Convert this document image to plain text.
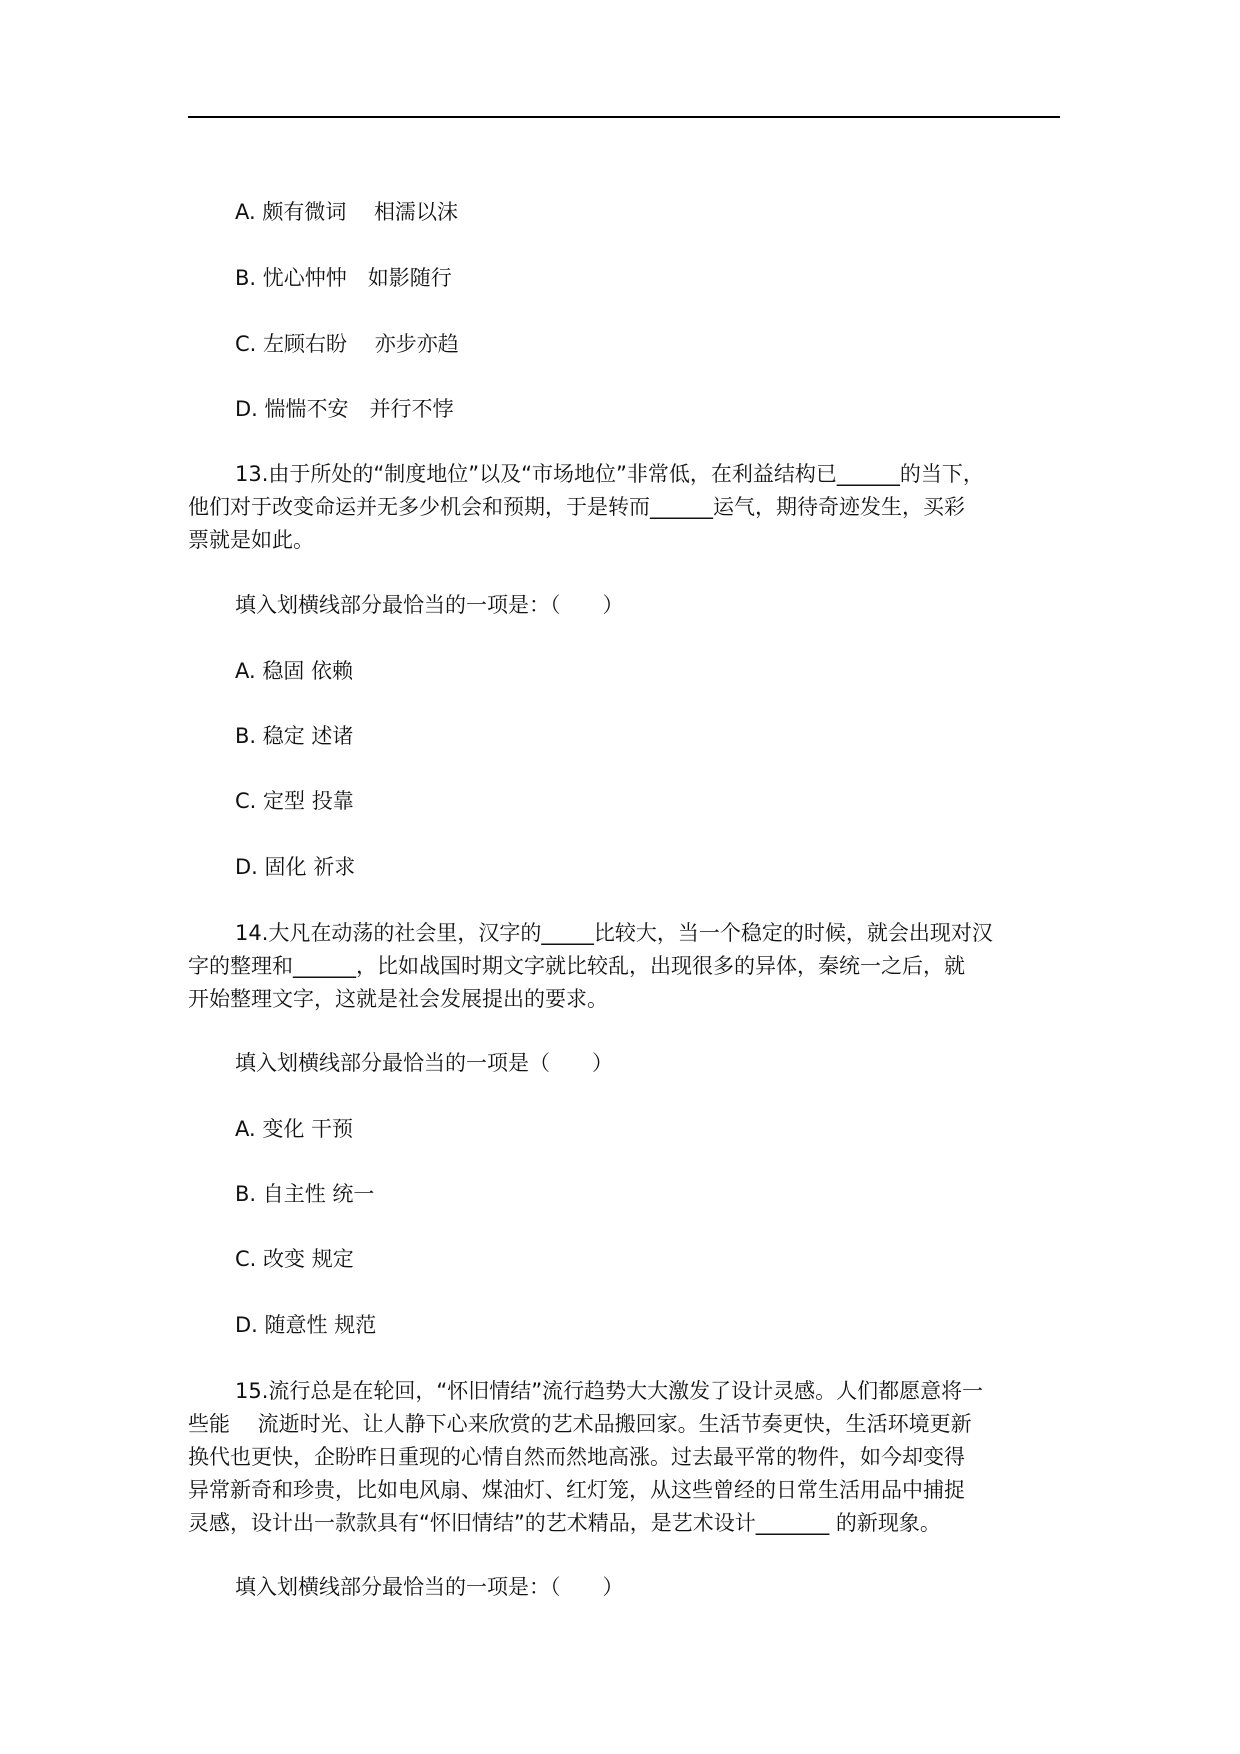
A. 颇有微词　 相濡以沫
B. 忧心忡忡　如影随行
C. 左顾右盼　 亦步亦趋
D. 惴惴不安　并行不悖
13.由于所处的“制度地位”以及“市场地位”非常低，在利益结构已______的当下，
他们对于改变命运并无多少机会和预期，于是转而______运气，期待奇迹发生，买彩
票就是如此。
填入划横线部分最恰当的一项是：（　　）
A. 稳固 依赖
B. 稳定 述诸
C. 定型 投靠
D. 固化 祈求
14.大凡在动荡的社会里，汉字的_____比较大，当一个稳定的时候，就会出现对汉
字的整理和______，比如战国时期文字就比较乱，出现很多的异体，秦统一之后，就
开始整理文字，这就是社会发展提出的要求。
填入划横线部分最恰当的一项是（　　）
A. 变化 干预
B. 自主性 统一
C. 改变 规定
D. 随意性 规范
15.流行总是在轮回，“怀旧情结”流行趋势大大激发了设计灵感。人们都愿意将一
些能　 流逝时光、让人静下心来欣赏的艺术品搬回家。生活节奏更快，生活环境更新
换代也更快，企盼昨日重现的心情自然而然地高涨。过去最平常的物件，如今却变得
异常新奇和珍贵，比如电风扇、煤油灯、红灯笼，从这些曾经的日常生活用品中捕捉
灵感，设计出一款款具有“怀旧情结”的艺术精品，是艺术设计_______ 的新现象。
填入划横线部分最恰当的一项是：（　　）
